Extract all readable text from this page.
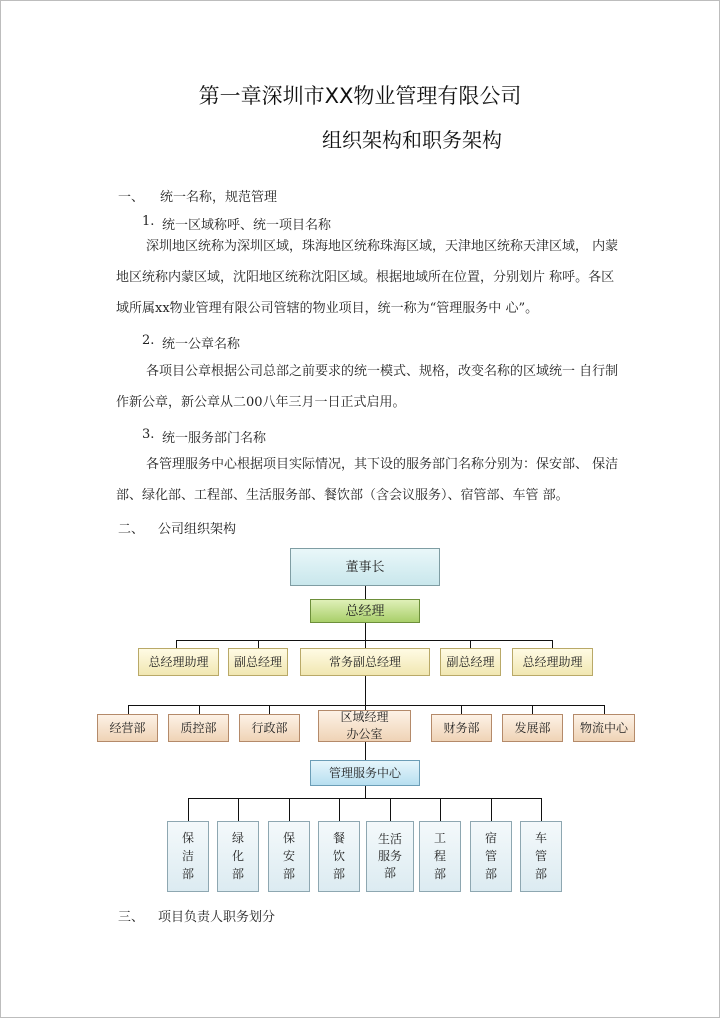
第一章深圳市XX物业管理有限公司
组织架构和职务架构
一、 统一名称，规范管理
1. 统一区域称呼、统一项目名称

深圳地区统称为深圳区域，珠海地区统称珠海区域，天津地区统称天津区域， 内蒙

地区统称内蒙区域，沈阳地区统称沈阳区域。根据地域所在位置，分别划片 称呼。各区

域所属xx物业管理有限公司管辖的物业项目，统一称为“管理服务中 心”。

2. 统一公章名称

各项目公章根据公司总部之前要求的统一模式、规格，改变名称的区域统一 自行制

作新公章，新公章从二00八年三月一日正式启用。

3. 统一服务部门名称

各管理服务中心根据项目实际情况，其下设的服务部门名称分别为：保安部、 保洁

部、绿化部、工程部、生活服务部、餐饮部（含会议服务）、宿管部、车管 部。

二、 公司组织架构
董事长
总经理
总经理助理	副总经理	常务副总经理	副总经理	总经理助理
经营部	质控部	行政部
区域经理
办公室	财务部	发展部	物流中心
管理服务中心
保
洁
部
绿
化
部
保
安
部
餐
饮
部
生活
服务
部
工
程
部
宿
管
部
车
管
部
三、 项目负责人职务划分
